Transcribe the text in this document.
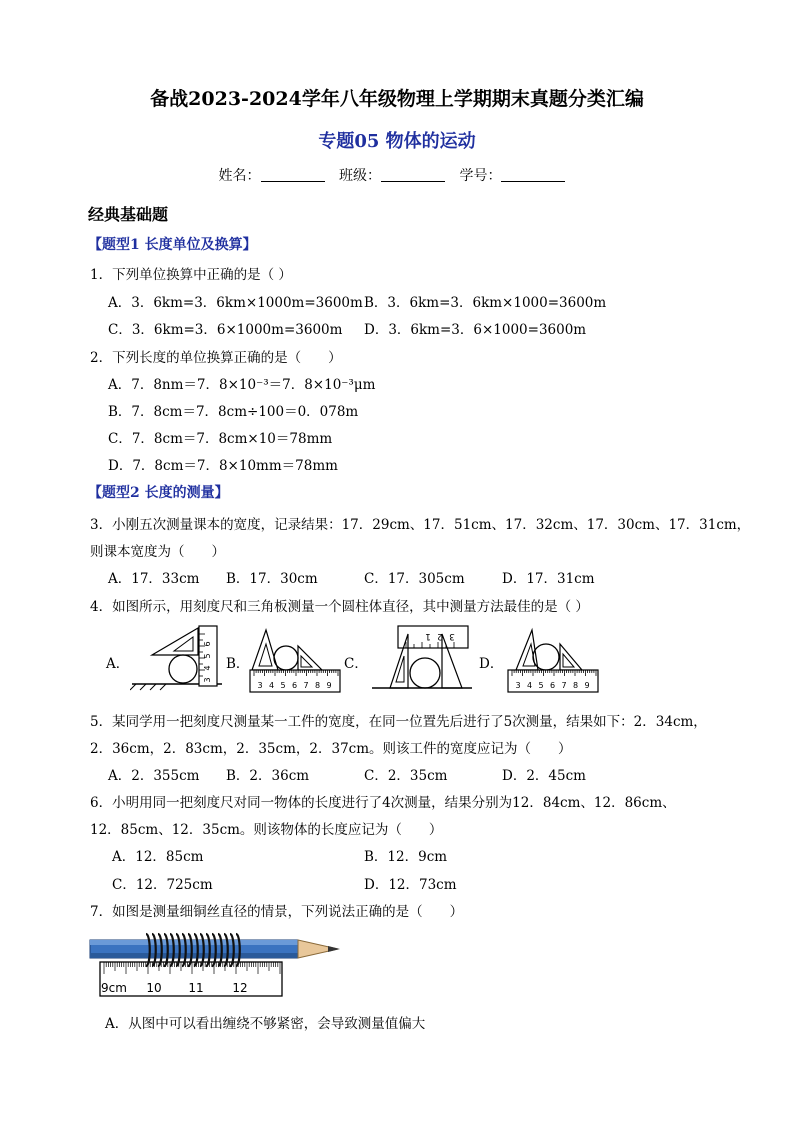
备战2023-2024学年八年级物理上学期期末真题分类汇编
专题05 物体的运动
姓名：	班级：	学号：
经典基础题
【题型1 长度单位及换算】
1．下列单位换算中正确的是（ ）
A．3．6km=3．6km×1000m=3600m B．3．6km=3．6km×1000=3600m
C．3．6km=3．6×1000m=3600m D．3．6km=3．6×1000=3600m
2．下列长度的单位换算正确的是（　　）
A．7．8nm＝7．8×10⁻³＝7．8×10⁻³μm
B．7．8cm＝7．8cm÷100＝0．078m
C．7．8cm＝7．8cm×10＝78mm
D．7．8cm＝7．8×10mm＝78mm
【题型2 长度的测量】
3．小刚五次测量课本的宽度，记录结果：17．29cm、17．51cm、17．32cm、17．30cm、17．31cm，
则课本宽度为（　　）
A．17．33cm B．17．30cm	C．17．305cm	D．17．31cm
4．如图所示，用刻度尺和三角板测量一个圆柱体直径，其中测量方法最佳的是（ ）
A．	B．	C．	D．
3
4
5
6
3 4 5 6 7 8 9
1 2 3
3 4 5 6 7 8 9
5．某同学用一把刻度尺测量某一工件的宽度，在同一位置先后进行了5次测量，结果如下：2．34cm，
2．36cm，2．83cm，2．35cm，2．37cm。则该工件的宽度应记为（　　）
A．2．355cm B．2．36cm	C．2．35cm	D．2．45cm
6．小明用同一把刻度尺对同一物体的长度进行了4次测量，结果分别为12．84cm、12．86cm、
12．85cm、12．35cm。则该物体的长度应记为（　　）
A．12．85cm	B．12．9cm
C．12．725cm	D．12．73cm
7．如图是测量细铜丝直径的情景，下列说法正确的是（　　）
9cm 10 11 12
A．从图中可以看出缠绕不够紧密，会导致测量值偏大
